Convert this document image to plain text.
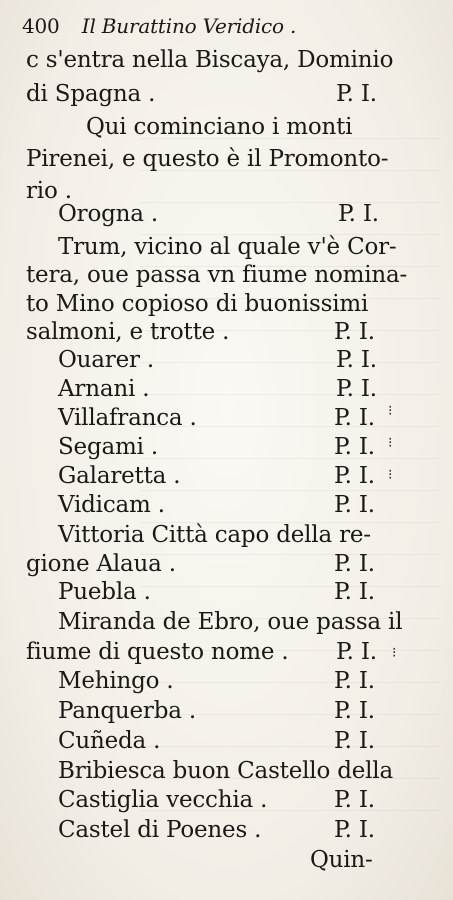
400 Il Burattino Veridico .
c s'entra nella Biscaya, Dominio
di Spagna .	P. I.
Qui cominciano i monti
Pirenei, e questo è il Promonto-
rio .
Orogna .	P. I.
Trum, vicino al quale v'è Cor-
tera, oue passa vn fiume nomina-
to Mino copioso di buonissimi
salmoni, e trotte .	P. I.
Ouarer .	P. I.
Arnani .	P. I.
Villafranca .	P. I.
Segami .	P. I.
Galaretta .	P. I.
Vidicam .	P. I.
⁝
⁝
⁝
Vittoria Città capo della re-
gione Alaua .	P. I.
Puebla .	P. I.
Miranda de Ebro, oue passa il
fiume di questo nome . P. I. ⁝
Mehingo .	P. I.
Panquerba .	P. I.
Cuñeda .	P. I.
Bribiesca buon Castello della
Castiglia vecchia .	P. I.
Castel di Poenes .	P. I.
Quin-
